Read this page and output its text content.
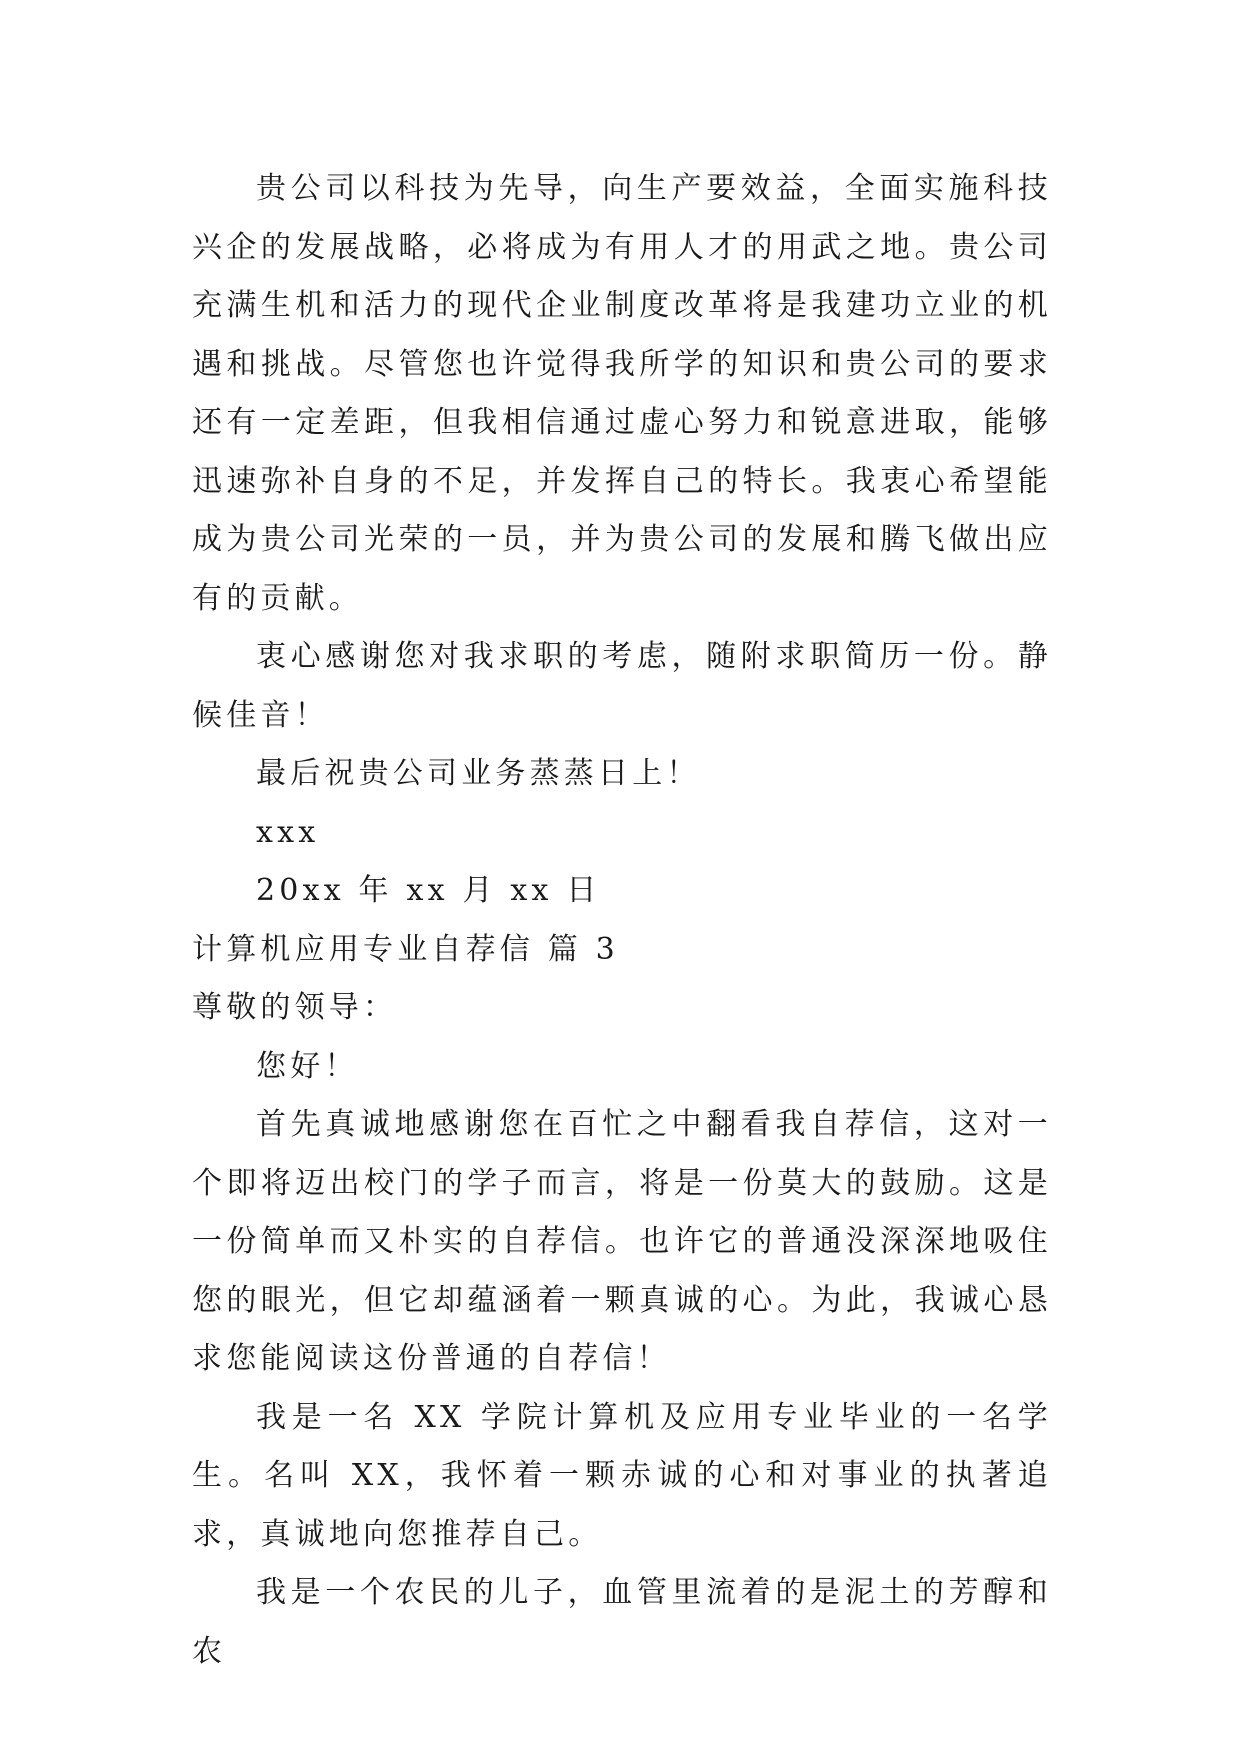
贵公司以科技为先导，向生产要效益，全面实施科技兴企的发展战略，必将成为有用人才的用武之地。贵公司充满生机和活力的现代企业制度改革将是我建功立业的机遇和挑战。尽管您也许觉得我所学的知识和贵公司的要求还有一定差距，但我相信通过虚心努力和锐意进取，能够迅速弥补自身的不足，并发挥自己的特长。我衷心希望能成为贵公司光荣的一员，并为贵公司的发展和腾飞做出应有的贡献。

衷心感谢您对我求职的考虑，随附求职简历一份。静候佳音！

最后祝贵公司业务蒸蒸日上！

xxx

20xx 年 xx 月 xx 日

计算机应用专业自荐信 篇 3

尊敬的领导：

您好！

首先真诚地感谢您在百忙之中翻看我自荐信，这对一个即将迈出校门的学子而言，将是一份莫大的鼓励。这是一份简单而又朴实的自荐信。也许它的普通没深深地吸住您的眼光，但它却蕴涵着一颗真诚的心。为此，我诚心恳求您能阅读这份普通的自荐信！

我是一名 XX 学院计算机及应用专业毕业的一名学生。名叫 XX，我怀着一颗赤诚的心和对事业的执著追求，真诚地向您推荐自己。

我是一个农民的儿子，血管里流着的是泥土的芳醇和农
